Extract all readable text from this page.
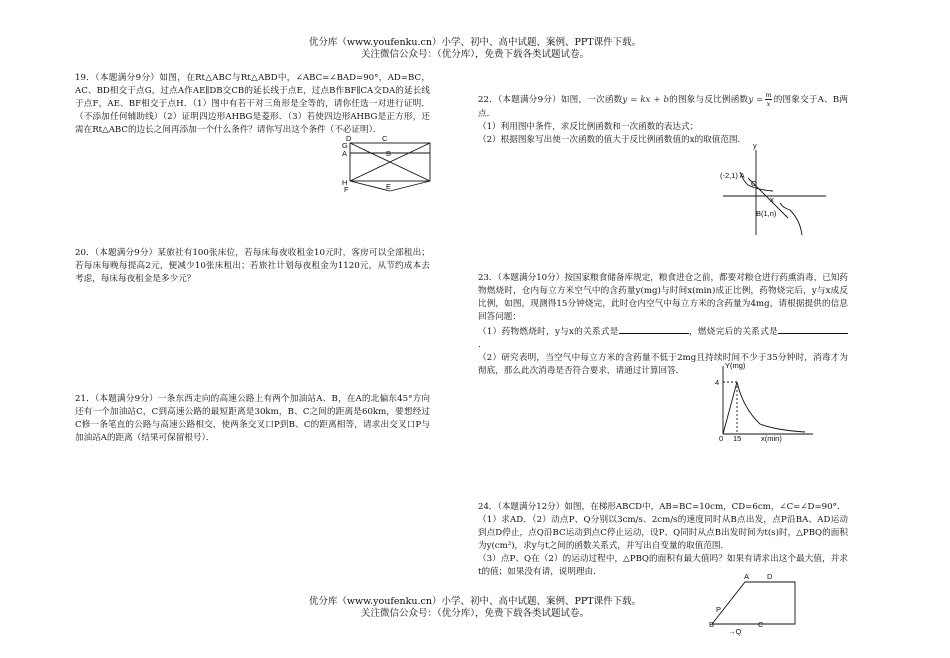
优分库（www.youfenku.cn）小学、初中、高中试题、案例、PPT课件下载。
关注微信公众号：（优分库），免费下载各类试题试卷。

19．（本题满分9分）如图，在Rt△ABC与Rt△ABD中，∠ABC=∠BAD=90°，AD=BC，AC、BD相交于点G，过点A作AE∥DB交CB的延长线于点E，过点B作BF∥CA交DA的延长线于点F，AE、BF相交于点H．（1）图中有若干对三角形是全等的，请你任选一对进行证明．（不添加任何辅助线）（2）证明四边形AHBG是菱形．（3）若使四边形AHBG是正方形，还需在Rt△ABC的边长之间再添加一个什么条件？请你写出这个条件（不必证明）．

D	C
G
A	B
H
F	E

20．（本题满分9分）某旅社有100张床位，若每床每夜收租金10元时，客房可以全部租出；若每床每晚每提高2元，便减少10张床租出；若旅社计划每夜租金为1120元，从节约成本去考虑，每床每夜租金是多少元？

21．（本题满分9分）一条东西走向的高速公路上有两个加油站A、B，在A的北偏东45°方向还有一个加油站C，C到高速公路的最短距离是30km，B、C之间的距离是60km，要想经过C修一条笔直的公路与高速公路相交，使两条交叉口P到B、C的距离相等，请求出交叉口P与加油站A的距离（结果可保留根号）．

22．（本题满分9分）如图，一次函数y = kx + b的图象与反比例函数$y = \frac{m}{x}$ 的图象交于A、B两点．

（1）利用图中条件，求反比例函数和一次函数的表达式；

（2）根据图象写出使一次函数的值大于反比例函数值的x的取值范围．

y
O
x
(-2,1) A
B(1,n)

23．（本题满分10分）按国家粮食储备库规定，粮食进仓之前，都要对粮仓进行药熏消毒，已知药物燃烧时，仓内每立方米空气中的含药量y(mg)与时间x(min)成正比例，药物烧完后，y与x成反比例，如图，现测得15分钟烧完，此时仓内空气中每立方米的含药量为4mg，请根据提供的信息回答问题：

（1）药物燃烧时，y与x的关系式是	，燃烧完后的关系式是．

（2）研究表明，当空气中每立方米的含药量不低于2mg且持续时间不少于35分钟时，消毒才为彻底，那么此次消毒是否符合要求，请通过计算回答．

Y(mg)
4
0 15	x(min)

24．（本题满分12分）如图，在梯形ABCD中，AB=BC=10cm，CD=6cm，∠C=∠D=90°．

（1）求AD．（2）动点P、Q分别以3cm/s、2cm/s的速度同时从B点出发，点P沿BA、AD运动到点D停止，点Q沿BC运动到点C停止运动，设P、Q同时从点B出发时间为t(s)时，△PBQ的面积为y(cm²)，求y与t之间的函数关系式，并写出自变量的取值范围．

（3）点P、Q在（2）的运动过程中，△PBQ的面积有最大值吗？如果有请求出这个最大值，并求t的值；如果没有请，说明理由．	A D
P
B	C
→Q
优分库（www.youfenku.cn）小学、初中、高中试题、案例、PPT课件下载。
关注微信公众号：（优分库），免费下载各类试题试卷。
